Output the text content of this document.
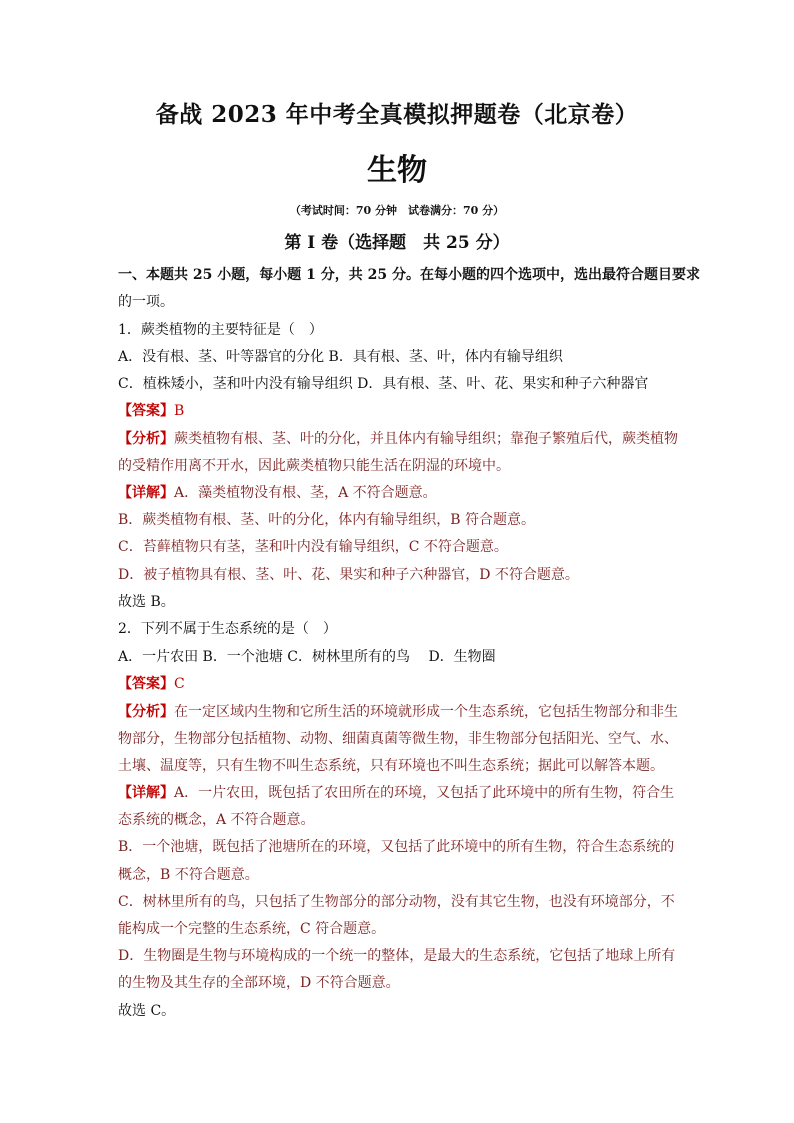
备战 2023 年中考全真模拟押题卷（北京卷）
生物
（考试时间：70 分钟　试卷满分：70 分）
第 I 卷（选择题　共 25 分）
一、本题共 25 小题，每小题 1 分，共 25 分。在每小题的四个选项中，选出最符合题目要求
的一项。
1．蕨类植物的主要特征是（　）
A．没有根、茎、叶等器官的分化 B．具有根、茎、叶，体内有输导组织
C．植株矮小，茎和叶内没有输导组织 D．具有根、茎、叶、花、果实和种子六种器官
【答案】B
【分析】蕨类植物有根、茎、叶的分化，并且体内有输导组织；靠孢子繁殖后代，蕨类植物
的受精作用离不开水，因此蕨类植物只能生活在阴湿的环境中。
【详解】A．藻类植物没有根、茎，A 不符合题意。
B．蕨类植物有根、茎、叶的分化，体内有输导组织，B 符合题意。
C．苔藓植物只有茎，茎和叶内没有输导组织，C 不符合题意。
D．被子植物具有根、茎、叶、花、果实和种子六种器官，D 不符合题意。
故选 B。
2．下列不属于生态系统的是（　）
A．一片农田 B．一个池塘 C．树林里所有的鸟　 D．生物圈
【答案】C
【分析】在一定区域内生物和它所生活的环境就形成一个生态系统，它包括生物部分和非生
物部分，生物部分包括植物、动物、细菌真菌等微生物，非生物部分包括阳光、空气、水、
土壤、温度等，只有生物不叫生态系统，只有环境也不叫生态系统；据此可以解答本题。
【详解】A．一片农田，既包括了农田所在的环境，又包括了此环境中的所有生物，符合生
态系统的概念，A 不符合题意。
B．一个池塘，既包括了池塘所在的环境，又包括了此环境中的所有生物，符合生态系统的
概念，B 不符合题意。
C．树林里所有的鸟，只包括了生物部分的部分动物，没有其它生物，也没有环境部分，不
能构成一个完整的生态系统，C 符合题意。
D．生物圈是生物与环境构成的一个统一的整体，是最大的生态系统，它包括了地球上所有
的生物及其生存的全部环境，D 不符合题意。
故选 C。
